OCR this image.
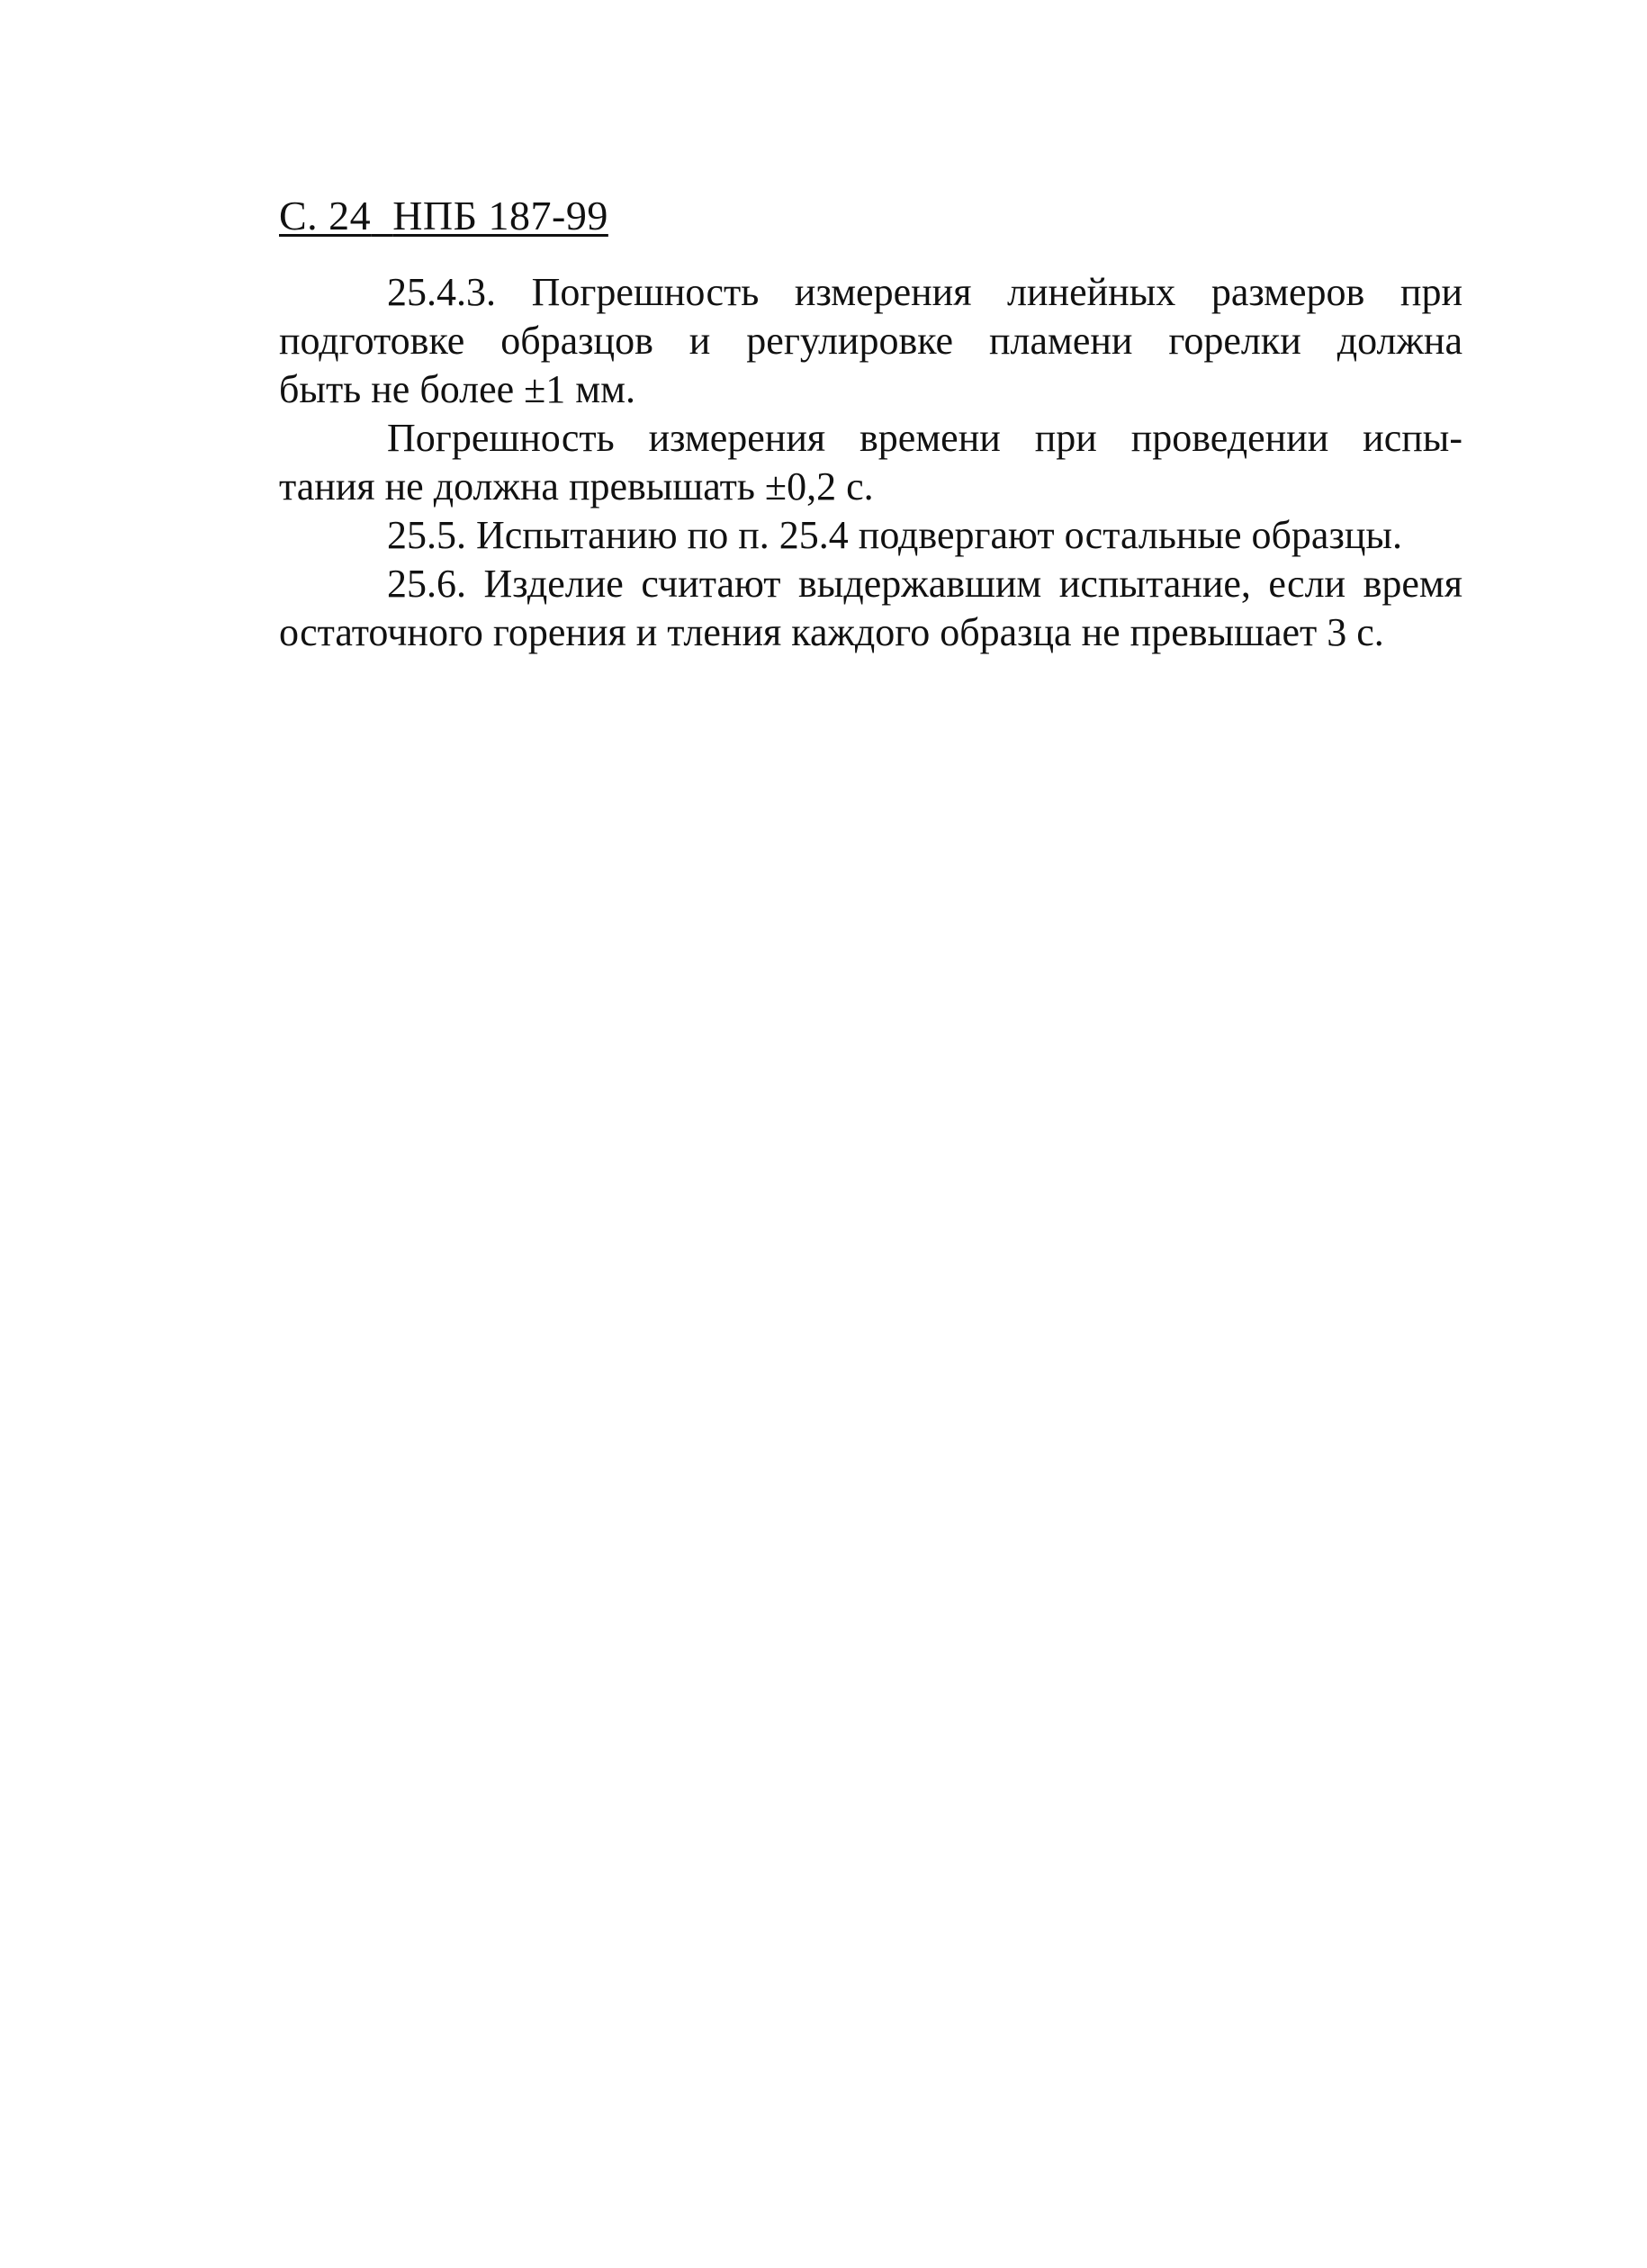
С. 24 НПБ 187-99

25.4.3. Погрешность измерения линейных размеров при
подготовке образцов и регулировке пламени горелки должна
быть не более ±1 мм.

Погрешность измерения времени при проведении испы-
тания не должна превышать ±0,2 с.

25.5. Испытанию по п. 25.4 подвергают остальные образцы.

25.6. Изделие считают выдержавшим испытание, если время
остаточного горения и тления каждого образца не превышает 3 с.
